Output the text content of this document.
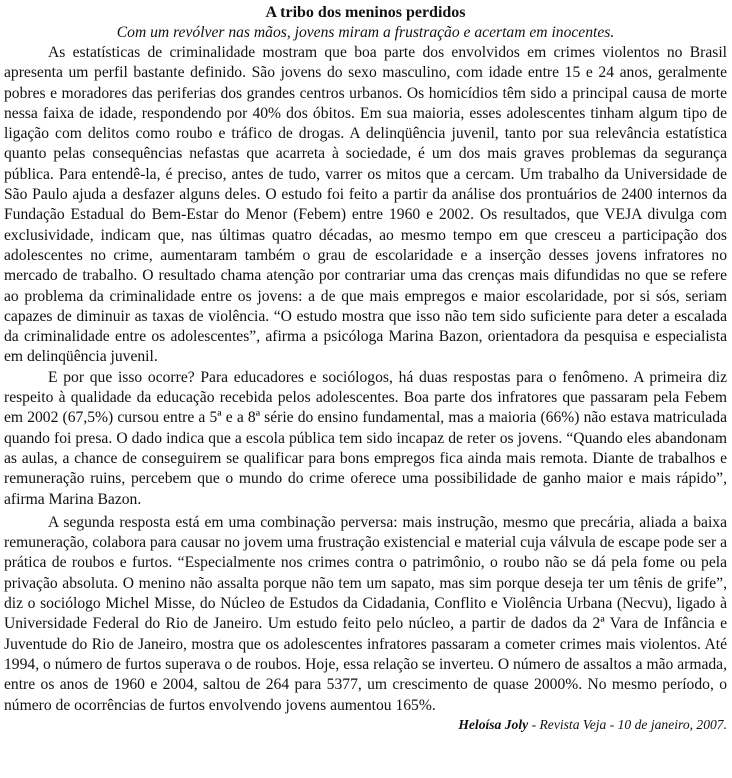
A tribo dos meninos perdidos

Com um revólver nas mãos, jovens miram a frustração e acertam em inocentes.

As estatísticas de criminalidade mostram que boa parte dos envolvidos em crimes violentos no Brasil apresenta um perfil bastante definido. São jovens do sexo masculino, com idade entre 15 e 24 anos, geralmente pobres e moradores das periferias dos grandes centros urbanos. Os homicídios têm sido a principal causa de morte nessa faixa de idade, respondendo por 40% dos óbitos. Em sua maioria, esses adolescentes tinham algum tipo de ligação com delitos como roubo e tráfico de drogas. A delinqüência juvenil, tanto por sua relevância estatística quanto pelas consequências nefastas que acarreta à sociedade, é um dos mais graves problemas da segurança pública. Para entendê-la, é preciso, antes de tudo, varrer os mitos que a cercam. Um trabalho da Universidade de São Paulo ajuda a desfazer alguns deles. O estudo foi feito a partir da análise dos prontuários de 2400 internos da Fundação Estadual do Bem-Estar do Menor (Febem) entre 1960 e 2002. Os resultados, que VEJA divulga com exclusividade, indicam que, nas últimas quatro décadas, ao mesmo tempo em que cresceu a participação dos adolescentes no crime, aumentaram também o grau de escolaridade e a inserção desses jovens infratores no mercado de trabalho. O resultado chama atenção por contrariar uma das crenças mais difundidas no que se refere ao problema da criminalidade entre os jovens: a de que mais empregos e maior escolaridade, por si sós, seriam capazes de diminuir as taxas de violência. “O estudo mostra que isso não tem sido suficiente para deter a escalada da criminalidade entre os adolescentes”, afirma a psicóloga Marina Bazon, orientadora da pesquisa e especialista em delinqüência juvenil.

E por que isso ocorre? Para educadores e sociólogos, há duas respostas para o fenômeno. A primeira diz respeito à qualidade da educação recebida pelos adolescentes. Boa parte dos infratores que passaram pela Febem em 2002 (67,5%) cursou entre a 5ª e a 8ª série do ensino fundamental, mas a maioria (66%) não estava matriculada quando foi presa. O dado indica que a escola pública tem sido incapaz de reter os jovens. “Quando eles abandonam as aulas, a chance de conseguirem se qualificar para bons empregos fica ainda mais remota. Diante de trabalhos e remuneração ruins, percebem que o mundo do crime oferece uma possibilidade de ganho maior e mais rápido”, afirma Marina Bazon.

A segunda resposta está em uma combinação perversa: mais instrução, mesmo que precária, aliada a baixa remuneração, colabora para causar no jovem uma frustração existencial e material cuja válvula de escape pode ser a prática de roubos e furtos. “Especialmente nos crimes contra o patrimônio, o roubo não se dá pela fome ou pela privação absoluta. O menino não assalta porque não tem um sapato, mas sim porque deseja ter um tênis de grife”, diz o sociólogo Michel Misse, do Núcleo de Estudos da Cidadania, Conflito e Violência Urbana (Necvu), ligado à Universidade Federal do Rio de Janeiro. Um estudo feito pelo núcleo, a partir de dados da 2ª Vara de Infância e Juventude do Rio de Janeiro, mostra que os adolescentes infratores passaram a cometer crimes mais violentos. Até 1994, o número de furtos superava o de roubos. Hoje, essa relação se inverteu. O número de assaltos a mão armada, entre os anos de 1960 e 2004, saltou de 264 para 5377, um crescimento de quase 2000%. No mesmo período, o número de ocorrências de furtos envolvendo jovens aumentou 165%.

Heloísa Joly - Revista Veja - 10 de janeiro, 2007.
